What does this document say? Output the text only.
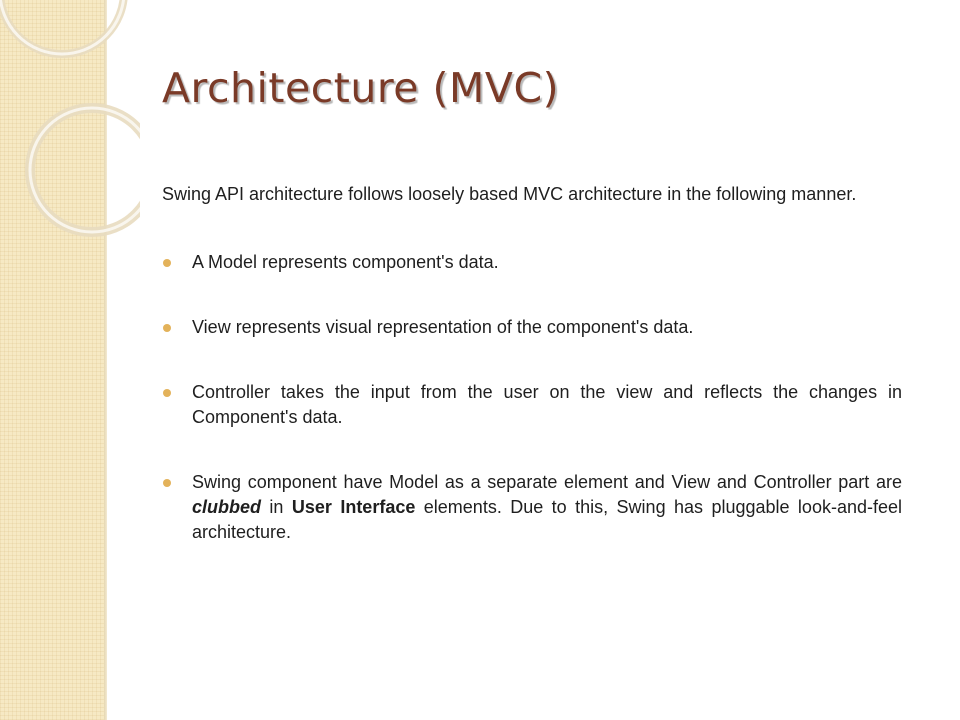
Architecture (MVC)

Swing API architecture follows loosely based MVC architecture in the following manner.

A Model represents component's data.
View represents visual representation of the component's data.
Controller takes the input from the user on the view and reflects the changes in Component's data.
Swing component have Model as a separate element and View and Controller part are clubbed in User Interface elements. Due to this, Swing has pluggable look-and-feel architecture.
